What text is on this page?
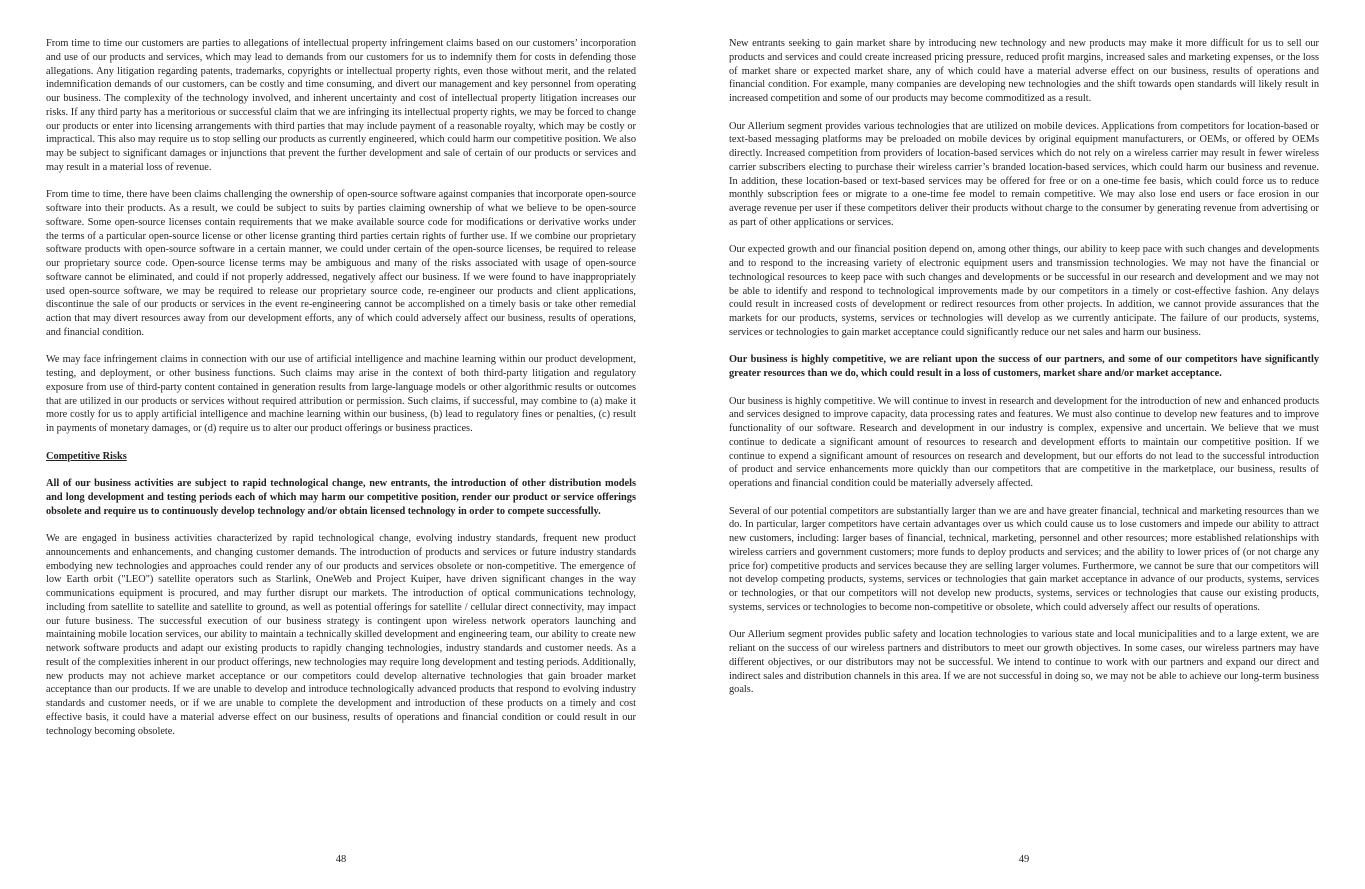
From time to time our customers are parties to allegations of intellectual property infringement claims based on our customers’ incorporation and use of our products and services, which may lead to demands from our customers for us to indemnify them for costs in defending those allegations. Any litigation regarding patents, trademarks, copyrights or intellectual property rights, even those without merit, and the related indemnification demands of our customers, can be costly and time consuming, and divert our management and key personnel from operating our business. The complexity of the technology involved, and inherent uncertainty and cost of intellectual property litigation increases our risks. If any third party has a meritorious or successful claim that we are infringing its intellectual property rights, we may be forced to change our products or enter into licensing arrangements with third parties that may include payment of a reasonable royalty, which may be costly or impractical. This also may require us to stop selling our products as currently engineered, which could harm our competitive position. We also may be subject to significant damages or injunctions that prevent the further development and sale of certain of our products or services and may result in a material loss of revenue.

From time to time, there have been claims challenging the ownership of open-source software against companies that incorporate open-source software into their products. As a result, we could be subject to suits by parties claiming ownership of what we believe to be open-source software. Some open-source licenses contain requirements that we make available source code for modifications or derivative works under the terms of a particular open-source license or other license granting third parties certain rights of further use. If we combine our proprietary software products with open-source software in a certain manner, we could under certain of the open-source licenses, be required to release our proprietary source code. Open-source license terms may be ambiguous and many of the risks associated with usage of open-source software cannot be eliminated, and could if not properly addressed, negatively affect our business. If we were found to have inappropriately used open-source software, we may be required to release our proprietary source code, re-engineer our products and client applications, discontinue the sale of our products or services in the event re-engineering cannot be accomplished on a timely basis or take other remedial action that may divert resources away from our development efforts, any of which could adversely affect our business, results of operations, and financial condition.

We may face infringement claims in connection with our use of artificial intelligence and machine learning within our product development, testing, and deployment, or other business functions. Such claims may arise in the context of both third-party litigation and regulatory exposure from use of third-party content contained in generation results from large-language models or other algorithmic results or outcomes that are utilized in our products or services without required attribution or permission. Such claims, if successful, may combine to (a) make it more costly for us to apply artificial intelligence and machine learning within our business, (b) lead to regulatory fines or penalties, (c) result in payments of monetary damages, or (d) require us to alter our product offerings or business practices.

Competitive Risks

All of our business activities are subject to rapid technological change, new entrants, the introduction of other distribution models and long development and testing periods each of which may harm our competitive position, render our product or service offerings obsolete and require us to continuously develop technology and/or obtain licensed technology in order to compete successfully.

We are engaged in business activities characterized by rapid technological change, evolving industry standards, frequent new product announcements and enhancements, and changing customer demands. The introduction of products and services or future industry standards embodying new technologies and approaches could render any of our products and services obsolete or non-competitive. The emergence of low Earth orbit ("LEO") satellite operators such as Starlink, OneWeb and Project Kuiper, have driven significant changes in the way communications equipment is procured, and may further disrupt our markets. The introduction of optical communications technology, including from satellite to satellite and satellite to ground, as well as potential offerings for satellite / cellular direct connectivity, may impact our future business. The successful execution of our business strategy is contingent upon wireless network operators launching and maintaining mobile location services, our ability to maintain a technically skilled development and engineering team, our ability to create new network software products and adapt our existing products to rapidly changing technologies, industry standards and customer needs. As a result of the complexities inherent in our product offerings, new technologies may require long development and testing periods. Additionally, new products may not achieve market acceptance or our competitors could develop alternative technologies that gain broader market acceptance than our products. If we are unable to develop and introduce technologically advanced products that respond to evolving industry standards and customer needs, or if we are unable to complete the development and introduction of these products on a timely and cost effective basis, it could have a material adverse effect on our business, results of operations and financial condition or could result in our technology becoming obsolete.

48

New entrants seeking to gain market share by introducing new technology and new products may make it more difficult for us to sell our products and services and could create increased pricing pressure, reduced profit margins, increased sales and marketing expenses, or the loss of market share or expected market share, any of which could have a material adverse effect on our business, results of operations and financial condition. For example, many companies are developing new technologies and the shift towards open standards will likely result in increased competition and some of our products may become commoditized as a result.

Our Allerium segment provides various technologies that are utilized on mobile devices. Applications from competitors for location-based or text-based messaging platforms may be preloaded on mobile devices by original equipment manufacturers, or OEMs, or offered by OEMs directly. Increased competition from providers of location-based services which do not rely on a wireless carrier may result in fewer wireless carrier subscribers electing to purchase their wireless carrier’s branded location-based services, which could harm our business and revenue. In addition, these location-based or text-based services may be offered for free or on a one-time fee basis, which could force us to reduce monthly subscription fees or migrate to a one-time fee model to remain competitive. We may also lose end users or face erosion in our average revenue per user if these competitors deliver their products without charge to the consumer by generating revenue from advertising or as part of other applications or services.

Our expected growth and our financial position depend on, among other things, our ability to keep pace with such changes and developments and to respond to the increasing variety of electronic equipment users and transmission technologies. We may not have the financial or technological resources to keep pace with such changes and developments or be successful in our research and development and we may not be able to identify and respond to technological improvements made by our competitors in a timely or cost-effective fashion. Any delays could result in increased costs of development or redirect resources from other projects. In addition, we cannot provide assurances that the markets for our products, systems, services or technologies will develop as we currently anticipate. The failure of our products, systems, services or technologies to gain market acceptance could significantly reduce our net sales and harm our business.

Our business is highly competitive, we are reliant upon the success of our partners, and some of our competitors have significantly greater resources than we do, which could result in a loss of customers, market share and/or market acceptance.

Our business is highly competitive. We will continue to invest in research and development for the introduction of new and enhanced products and services designed to improve capacity, data processing rates and features. We must also continue to develop new features and to improve functionality of our software. Research and development in our industry is complex, expensive and uncertain. We believe that we must continue to dedicate a significant amount of resources to research and development efforts to maintain our competitive position. If we continue to expend a significant amount of resources on research and development, but our efforts do not lead to the successful introduction of product and service enhancements more quickly than our competitors that are competitive in the marketplace, our business, results of operations and financial condition could be materially adversely affected.

Several of our potential competitors are substantially larger than we are and have greater financial, technical and marketing resources than we do. In particular, larger competitors have certain advantages over us which could cause us to lose customers and impede our ability to attract new customers, including: larger bases of financial, technical, marketing, personnel and other resources; more established relationships with wireless carriers and government customers; more funds to deploy products and services; and the ability to lower prices of (or not charge any price for) competitive products and services because they are selling larger volumes. Furthermore, we cannot be sure that our competitors will not develop competing products, systems, services or technologies that gain market acceptance in advance of our products, systems, services or technologies, or that our competitors will not develop new products, systems, services or technologies that cause our existing products, systems, services or technologies to become non-competitive or obsolete, which could adversely affect our results of operations.

Our Allerium segment provides public safety and location technologies to various state and local municipalities and to a large extent, we are reliant on the success of our wireless partners and distributors to meet our growth objectives. In some cases, our wireless partners may have different objectives, or our distributors may not be successful. We intend to continue to work with our partners and expand our direct and indirect sales and distribution channels in this area. If we are not successful in doing so, we may not be able to achieve our long-term business goals.

49
